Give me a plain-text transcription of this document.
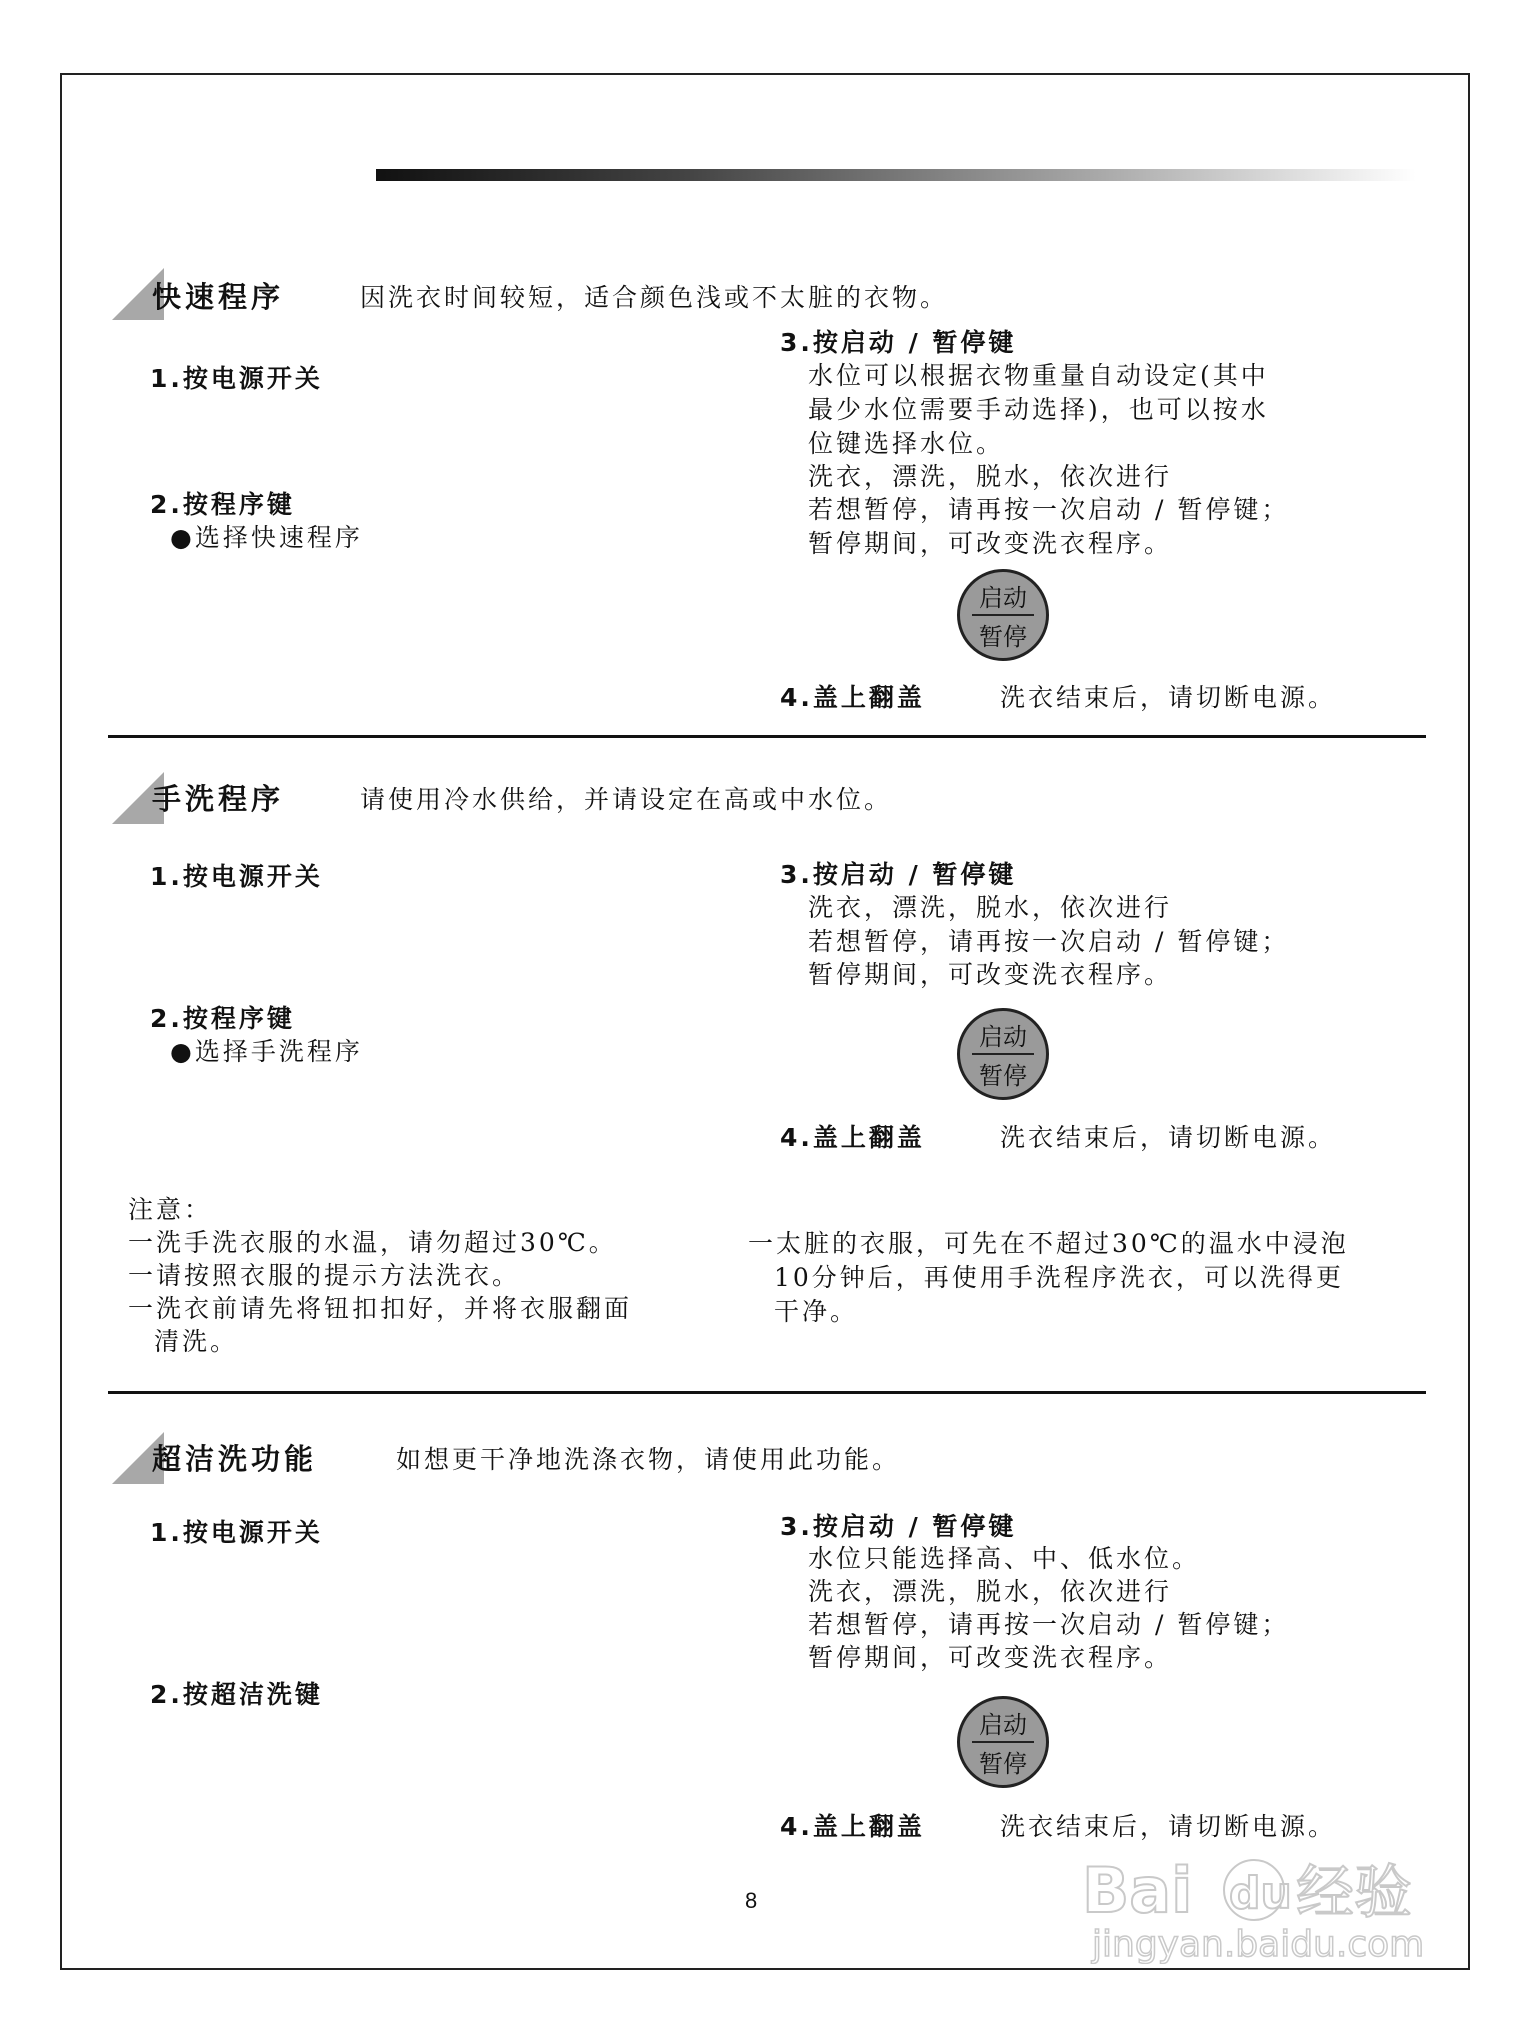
快速程序	因洗衣时间较短，适合颜色浅或不太脏的衣物。
1.按电源开关
2.按程序键
●选择快速程序
3.按启动 / 暂停键
水位可以根据衣物重量自动设定(其中
最少水位需要手动选择)，也可以按水
位键选择水位。
洗衣，漂洗，脱水，依次进行
若想暂停，请再按一次启动 / 暂停键；
暂停期间，可改变洗衣程序。
启动
暂停
4.盖上翻盖	洗衣结束后，请切断电源。
手洗程序	请使用冷水供给，并请设定在高或中水位。
1.按电源开关
2.按程序键
●选择手洗程序
3.按启动 / 暂停键
洗衣，漂洗，脱水，依次进行
若想暂停，请再按一次启动 / 暂停键；
暂停期间，可改变洗衣程序。
启动
暂停
4.盖上翻盖	洗衣结束后，请切断电源。
注意：
一洗手洗衣服的水温，请勿超过30℃。
一请按照衣服的提示方法洗衣。
一洗衣前请先将钮扣扣好，并将衣服翻面
清洗。
一太脏的衣服，可先在不超过30℃的温水中浸泡
10分钟后，再使用手洗程序洗衣，可以洗得更
干净。
超洁洗功能	如想更干净地洗涤衣物，请使用此功能。
1.按电源开关
2.按超洁洗键
3.按启动 / 暂停键
水位只能选择高、中、低水位。
洗衣，漂洗，脱水，依次进行
若想暂停，请再按一次启动 / 暂停键；
暂停期间，可改变洗衣程序。
启动
暂停
4.盖上翻盖	洗衣结束后，请切断电源。
8	Bai du 经验
jingyan.baidu.com
